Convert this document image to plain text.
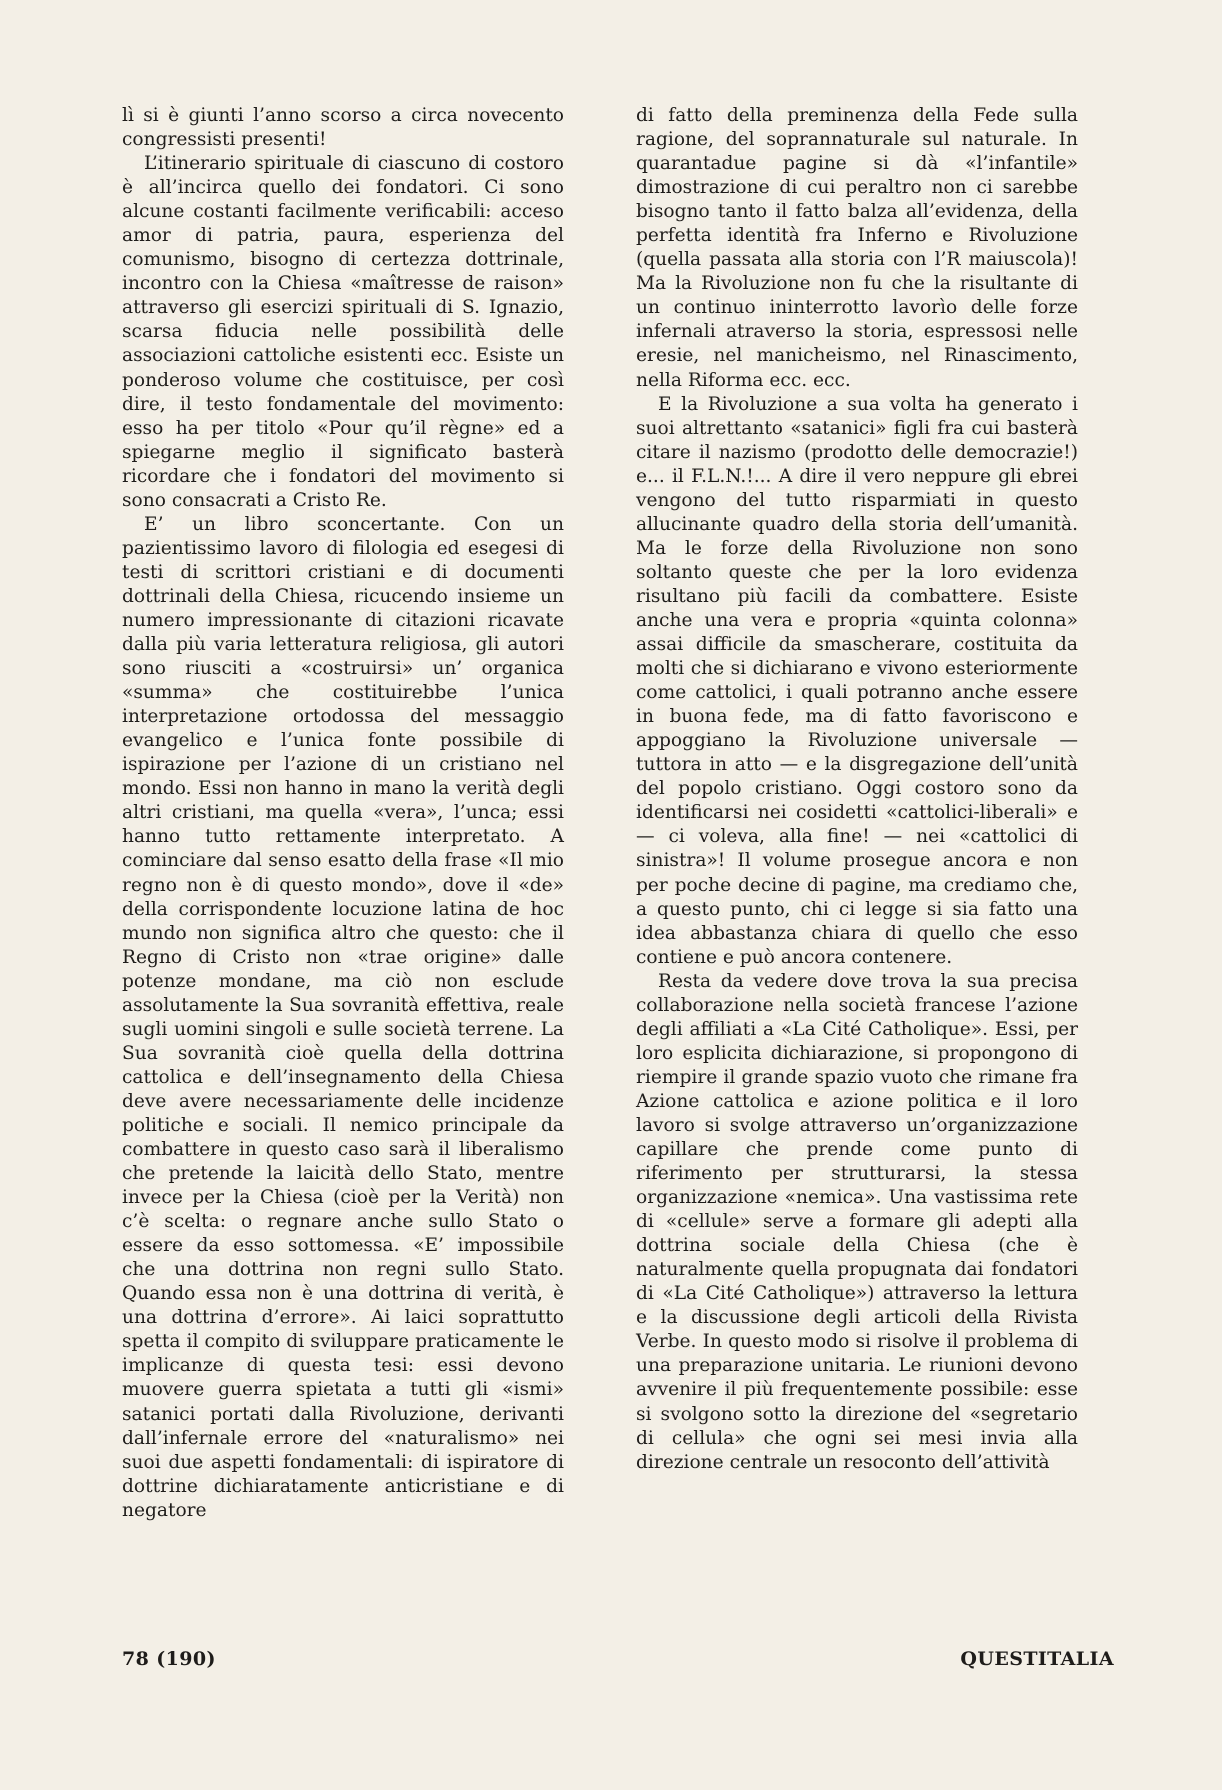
lì si è giunti l’anno scorso a circa novecento congressisti presenti!

L’itinerario spirituale di ciascuno di costoro è all’incirca quello dei fondatori. Ci sono alcune costanti facilmente verificabili: acceso amor di patria, paura, esperienza del comunismo, bisogno di certezza dottrinale, incontro con la Chiesa «maîtresse de raison» attraverso gli esercizi spirituali di S. Ignazio, scarsa fiducia nelle possibilità delle associazioni cattoliche esistenti ecc. Esiste un ponderoso volume che costituisce, per così dire, il testo fondamentale del movimento: esso ha per titolo «Pour qu’il règne» ed a spiegarne meglio il significato basterà ricordare che i fondatori del movimento si sono consacrati a Cristo Re.

E’ un libro sconcertante. Con un pazientissimo lavoro di filologia ed esegesi di testi di scrittori cristiani e di documenti dottrinali della Chiesa, ricucendo insieme un numero impressionante di citazioni ricavate dalla più varia letteratura religiosa, gli autori sono riusciti a «costruirsi» un’ organica «summa» che costituirebbe l’unica interpretazione ortodossa del messaggio evangelico e l’unica fonte possibile di ispirazione per l’azione di un cristiano nel mondo. Essi non hanno in mano la verità degli altri cristiani, ma quella «vera», l’unca; essi hanno tutto rettamente interpretato. A cominciare dal senso esatto della frase «Il mio regno non è di questo mondo», dove il «de» della corrispondente locuzione latina de hoc mundo non significa altro che questo: che il Regno di Cristo non «trae origine» dalle potenze mondane, ma ciò non esclude assolutamente la Sua sovranità effettiva, reale sugli uomini singoli e sulle società terrene. La Sua sovranità cioè quella della dottrina cattolica e dell’insegnamento della Chiesa deve avere necessariamente delle incidenze politiche e sociali. Il nemico principale da combattere in questo caso sarà il liberalismo che pretende la laicità dello Stato, mentre invece per la Chiesa (cioè per la Verità) non c’è scelta: o regnare anche sullo Stato o essere da esso sottomessa. «E’ impossibile che una dottrina non regni sullo Stato. Quando essa non è una dottrina di verità, è una dottrina d’errore». Ai laici soprattutto spetta il compito di sviluppare praticamente le implicanze di questa tesi: essi devono muovere guerra spietata a tutti gli «ismi» satanici portati dalla Rivoluzione, derivanti dall’infernale errore del «naturalismo» nei suoi due aspetti fondamentali: di ispiratore di dottrine dichiaratamente anticristiane e di negatore

di fatto della preminenza della Fede sulla ragione, del soprannaturale sul naturale. In quarantadue pagine si dà «l’infantile» dimostrazione di cui peraltro non ci sarebbe bisogno tanto il fatto balza all’evidenza, della perfetta identità fra Inferno e Rivoluzione (quella passata alla storia con l’R maiuscola)! Ma la Rivoluzione non fu che la risultante di un continuo ininterrotto lavorìo delle forze infernali atraverso la storia, espressosi nelle eresie, nel manicheismo, nel Rinascimento, nella Riforma ecc. ecc.

E la Rivoluzione a sua volta ha generato i suoi altrettanto «satanici» figli fra cui basterà citare il nazismo (prodotto delle democrazie!) e... il F.L.N.!... A dire il vero neppure gli ebrei vengono del tutto risparmiati in questo allucinante quadro della storia dell’umanità. Ma le forze della Rivoluzione non sono soltanto queste che per la loro evidenza risultano più facili da combattere. Esiste anche una vera e propria «quinta colonna» assai difficile da smascherare, costituita da molti che si dichiarano e vivono esteriormente come cattolici, i quali potranno anche essere in buona fede, ma di fatto favoriscono e appoggiano la Rivoluzione universale — tuttora in atto — e la disgregazione dell’unità del popolo cristiano. Oggi costoro sono da identificarsi nei cosidetti «cattolici-liberali» e — ci voleva, alla fine! — nei «cattolici di sinistra»! Il volume prosegue ancora e non per poche decine di pagine, ma crediamo che, a questo punto, chi ci legge si sia fatto una idea abbastanza chiara di quello che esso contiene e può ancora contenere.

Resta da vedere dove trova la sua precisa collaborazione nella società francese l’azione degli affiliati a «La Cité Catholique». Essi, per loro esplicita dichiarazione, si propongono di riempire il grande spazio vuoto che rimane fra Azione cattolica e azione politica e il loro lavoro si svolge attraverso un’organizzazione capillare che prende come punto di riferimento per strutturarsi, la stessa organizzazione «nemica». Una vastissima rete di «cellule» serve a formare gli adepti alla dottrina sociale della Chiesa (che è naturalmente quella propugnata dai fondatori di «La Cité Catholique») attraverso la lettura e la discussione degli articoli della Rivista Verbe. In questo modo si risolve il problema di una preparazione unitaria. Le riunioni devono avvenire il più frequentemente possibile: esse si svolgono sotto la direzione del «segretario di cellula» che ogni sei mesi invia alla direzione centrale un resoconto dell’attività

78 (190)	QUESTITALIA
